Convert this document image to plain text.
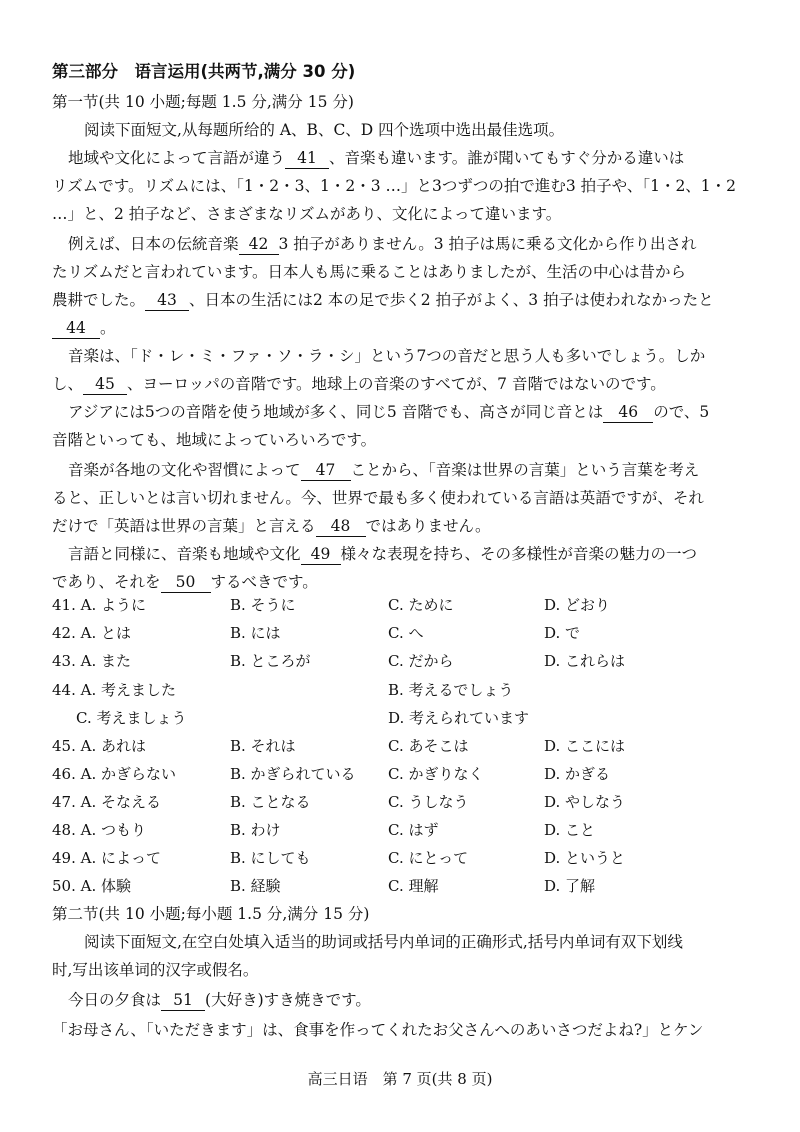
第三部分　语言运用(共两节,满分 30 分)
第一节(共 10 小题;每题 1.5 分,满分 15 分)
阅读下面短文,从每题所给的 A、B、C、D 四个选项中选出最佳选项。
地域や文化によって言語が違う 41 、音楽も違います。誰が聞いてもすぐ分かる違いは
リズムです。リズムには、「1・2・3、1・2・3 …」と3つずつの拍で進む3 拍子や、「1・2、1・2
…」と、2 拍子など、さまざまなリズムがあり、文化によって違います。
例えば、日本の伝統音楽 42 3 拍子がありません。3 拍子は馬に乗る文化から作り出され
たリズムだと言われています。日本人も馬に乗ることはありましたが、生活の中心は昔から
農耕でした。 43 、日本の生活には2 本の足で歩く2 拍子がよく、3 拍子は使われなかったと
44 。
音楽は、「ド・レ・ミ・ファ・ソ・ラ・シ」という7つの音だと思う人も多いでしょう。しか
し、 45 、ヨーロッパの音階です。地球上の音楽のすべてが、7 音階ではないのです。
アジアには5つの音階を使う地域が多く、同じ5 音階でも、高さが同じ音とは 46 ので、5
音階といっても、地域によっていろいろです。
音楽が各地の文化や習慣によって 47 ことから、「音楽は世界の言葉」という言葉を考え
ると、正しいとは言い切れません。今、世界で最も多く使われている言語は英語ですが、それ
だけで「英語は世界の言葉」と言える 48 ではありません。
言語と同様に、音楽も地域や文化 49 様々な表現を持ち、その多様性が音楽の魅力の一つ
であり、それを 50 するべきです。
41. A. ように	B. そうに	C. ために	D. どおり
42. A. とは	B. には	C. へ	D. で
43. A. また	B. ところが	C. だから	D. これらは
44. A. 考えました	B. 考えるでしょう
C. 考えましょう	D. 考えられています
45. A. あれは	B. それは	C. あそこは	D. ここには
46. A. かぎらない	B. かぎられている C. かぎりなく	D. かぎる
47. A. そなえる	B. ことなる	C. うしなう	D. やしなう
48. A. つもり	B. わけ	C. はず	D. こと
49. A. によって	B. にしても	C. にとって	D. というと
50. A. 体験	B. 経験	C. 理解	D. 了解
第二节(共 10 小题;每小题 1.5 分,满分 15 分)
阅读下面短文,在空白处填入适当的助词或括号内单词的正确形式,括号内单词有双下划线
时,写出该单词的汉字或假名。
今日の夕食は 51 (大好き)すき焼きです。
「お母さん、「いただきます」は、食事を作ってくれたお父さんへのあいさつだよね?」とケン
高三日语　第 7 页(共 8 页)
